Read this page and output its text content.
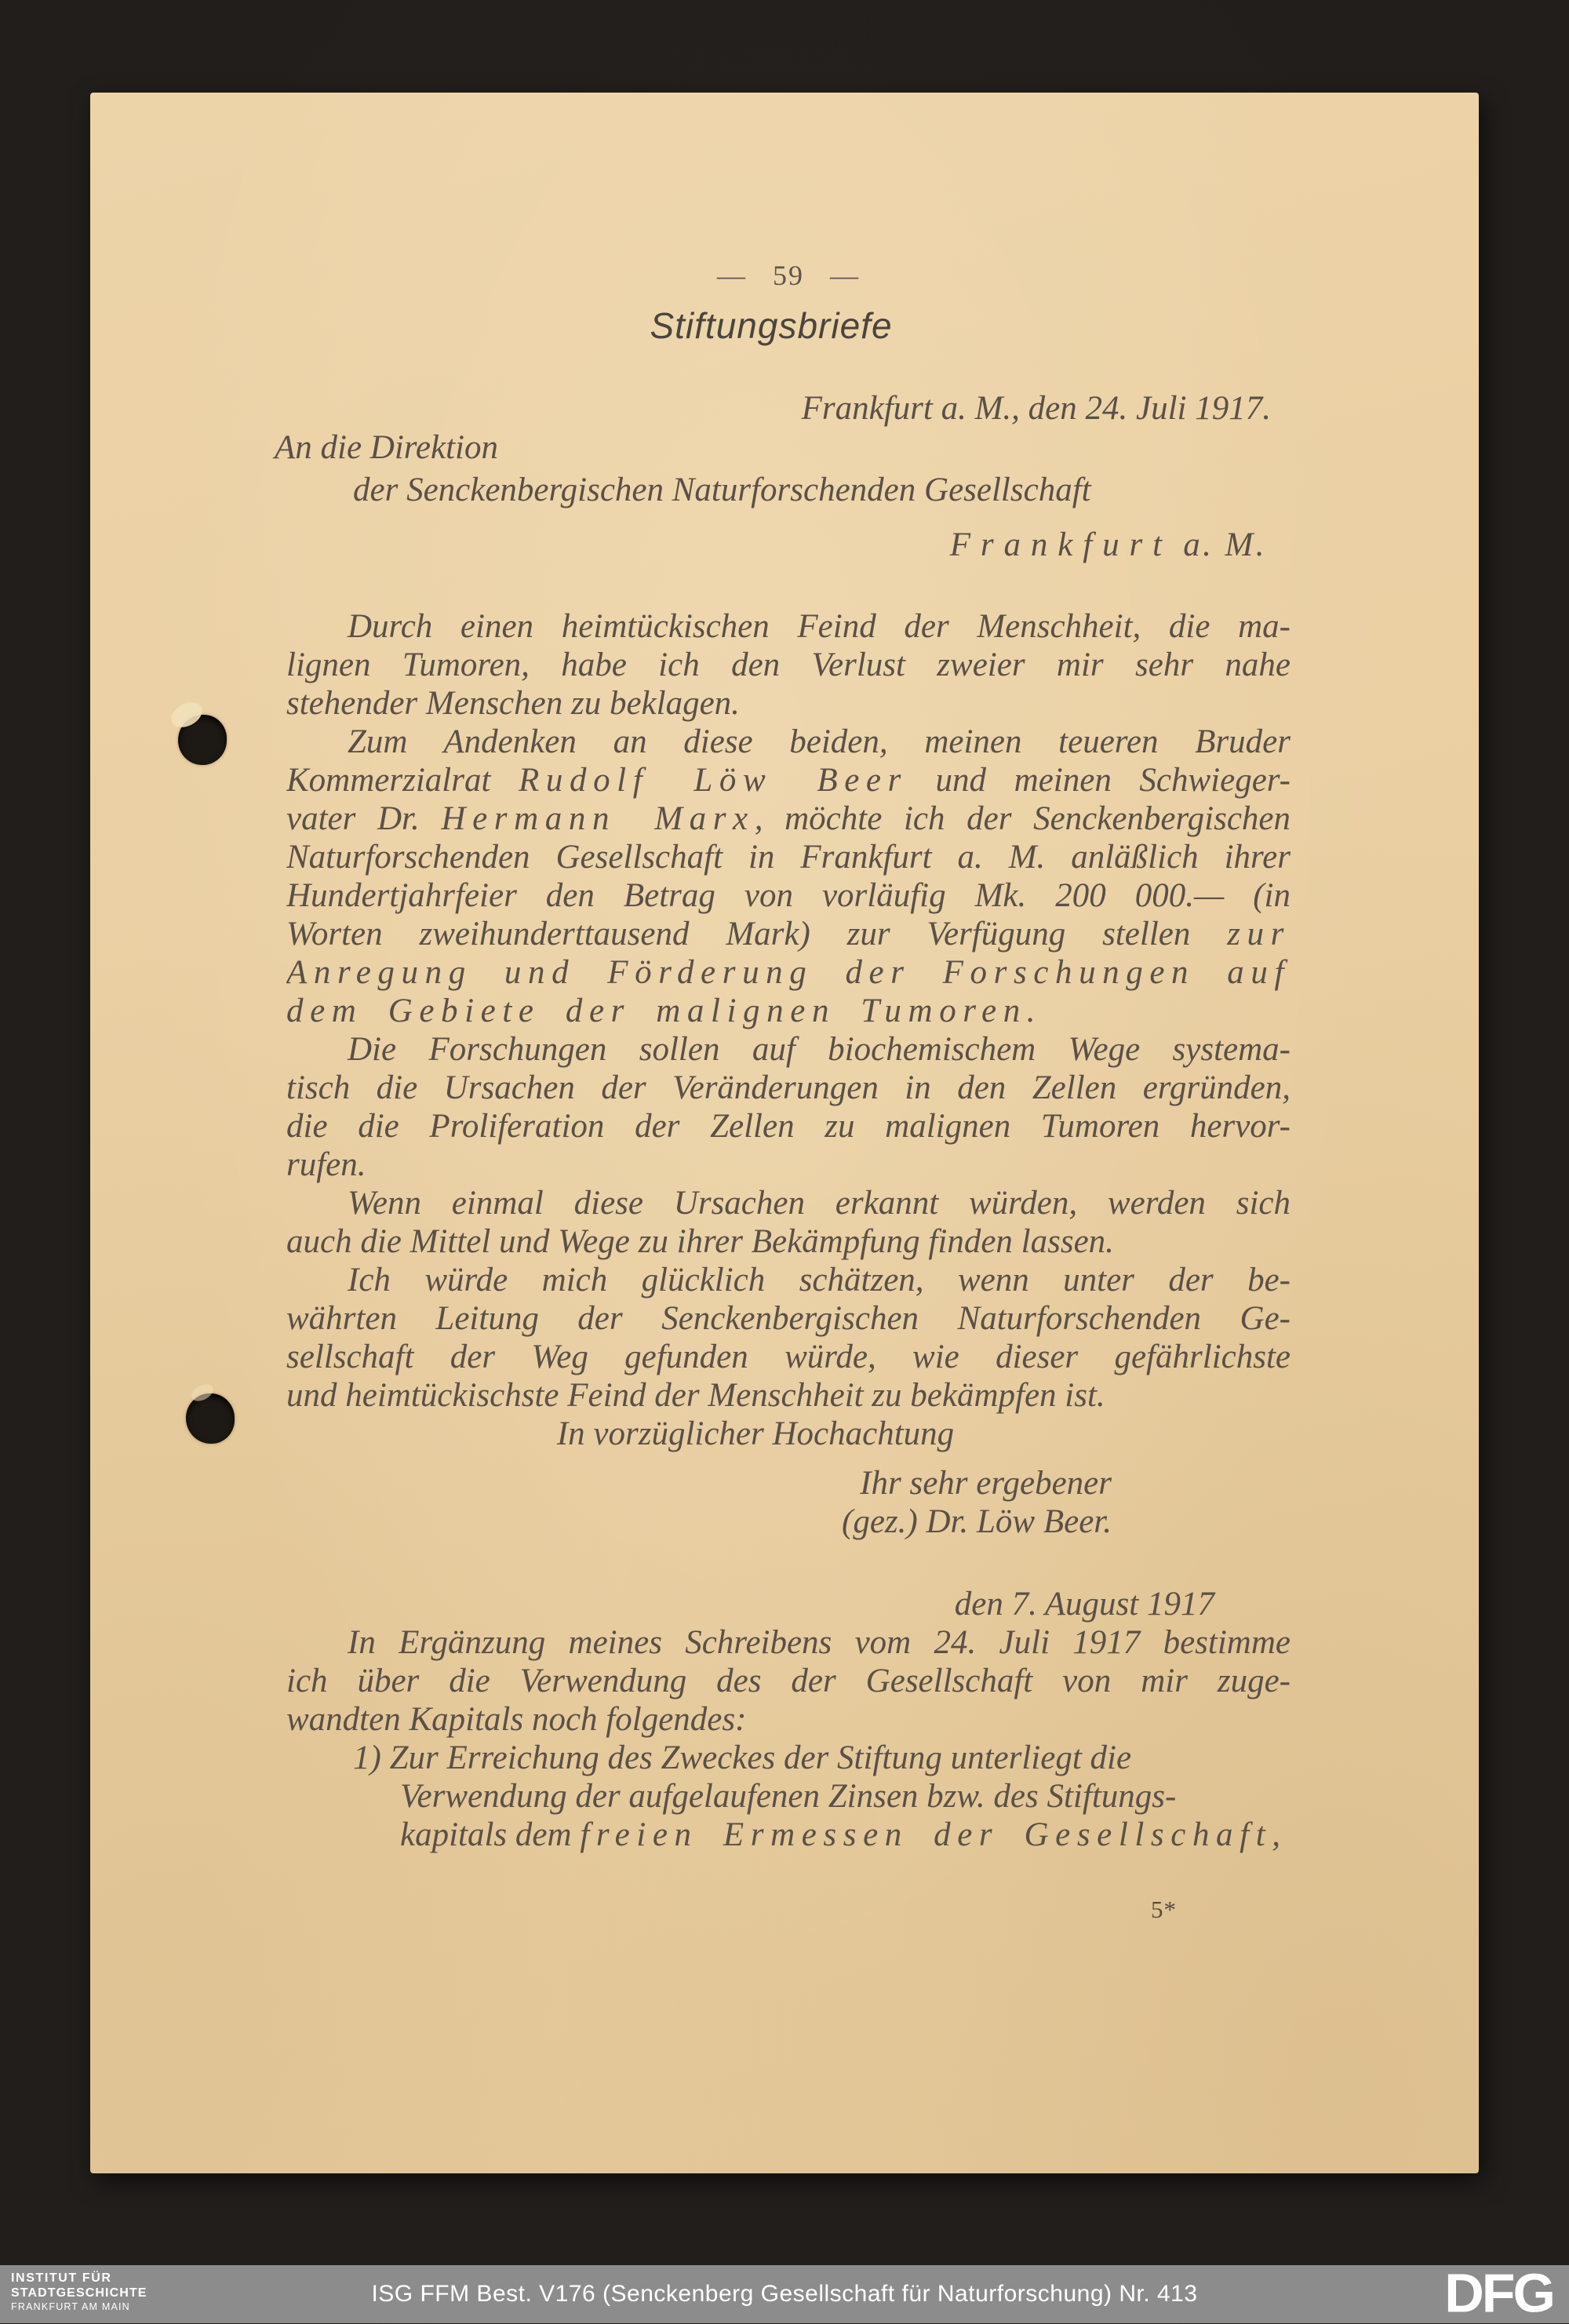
— 59 —
Stiftungsbriefe
Frankfurt a. M., den 24. Juli 1917.
An die Direktion
der Senckenbergischen Naturforschenden Gesellschaft
Frankfurt a. M.
Durch einen heimtückischen Feind der Menschheit, die ma-
lignen Tumoren, habe ich den Verlust zweier mir sehr nahe
stehender Menschen zu beklagen.
Zum Andenken an diese beiden, meinen teueren Bruder
Kommerzialrat Rudolf Löw Beer und meinen Schwieger-
vater Dr. Hermann Marx, möchte ich der Senckenbergischen
Naturforschenden Gesellschaft in Frankfurt a. M. anläßlich ihrer
Hundertjahrfeier den Betrag von vorläufig Mk. 200 000.— (in
Worten zweihunderttausend Mark) zur Verfügung stellen zur
Anregung und Förderung der Forschungen auf
dem Gebiete der malignen Tumoren.
Die Forschungen sollen auf biochemischem Wege systema-
tisch die Ursachen der Veränderungen in den Zellen ergründen,
die die Proliferation der Zellen zu malignen Tumoren hervor-
rufen.
Wenn einmal diese Ursachen erkannt würden, werden sich
auch die Mittel und Wege zu ihrer Bekämpfung finden lassen.
Ich würde mich glücklich schätzen, wenn unter der be-
währten Leitung der Senckenbergischen Naturforschenden Ge-
sellschaft der Weg gefunden würde, wie dieser gefährlichste
und heimtückischste Feind der Menschheit zu bekämpfen ist.
In vorzüglicher Hochachtung
Ihr sehr ergebener
(gez.) Dr. Löw Beer.
den 7. August 1917
In Ergänzung meines Schreibens vom 24. Juli 1917 bestimme
ich über die Verwendung des der Gesellschaft von mir zuge-
wandten Kapitals noch folgendes:
1) Zur Erreichung des Zweckes der Stiftung unterliegt die
Verwendung der aufgelaufenen Zinsen bzw. des Stiftungs-
kapitals dem freien Ermessen der Gesellschaft,
5*
INSTITUT FÜR
STADTGESCHICHTE
FRANKFURT AM MAIN	ISG FFM Best. V176 (Senckenberg Gesellschaft für Naturforschung) Nr. 413	DFG
